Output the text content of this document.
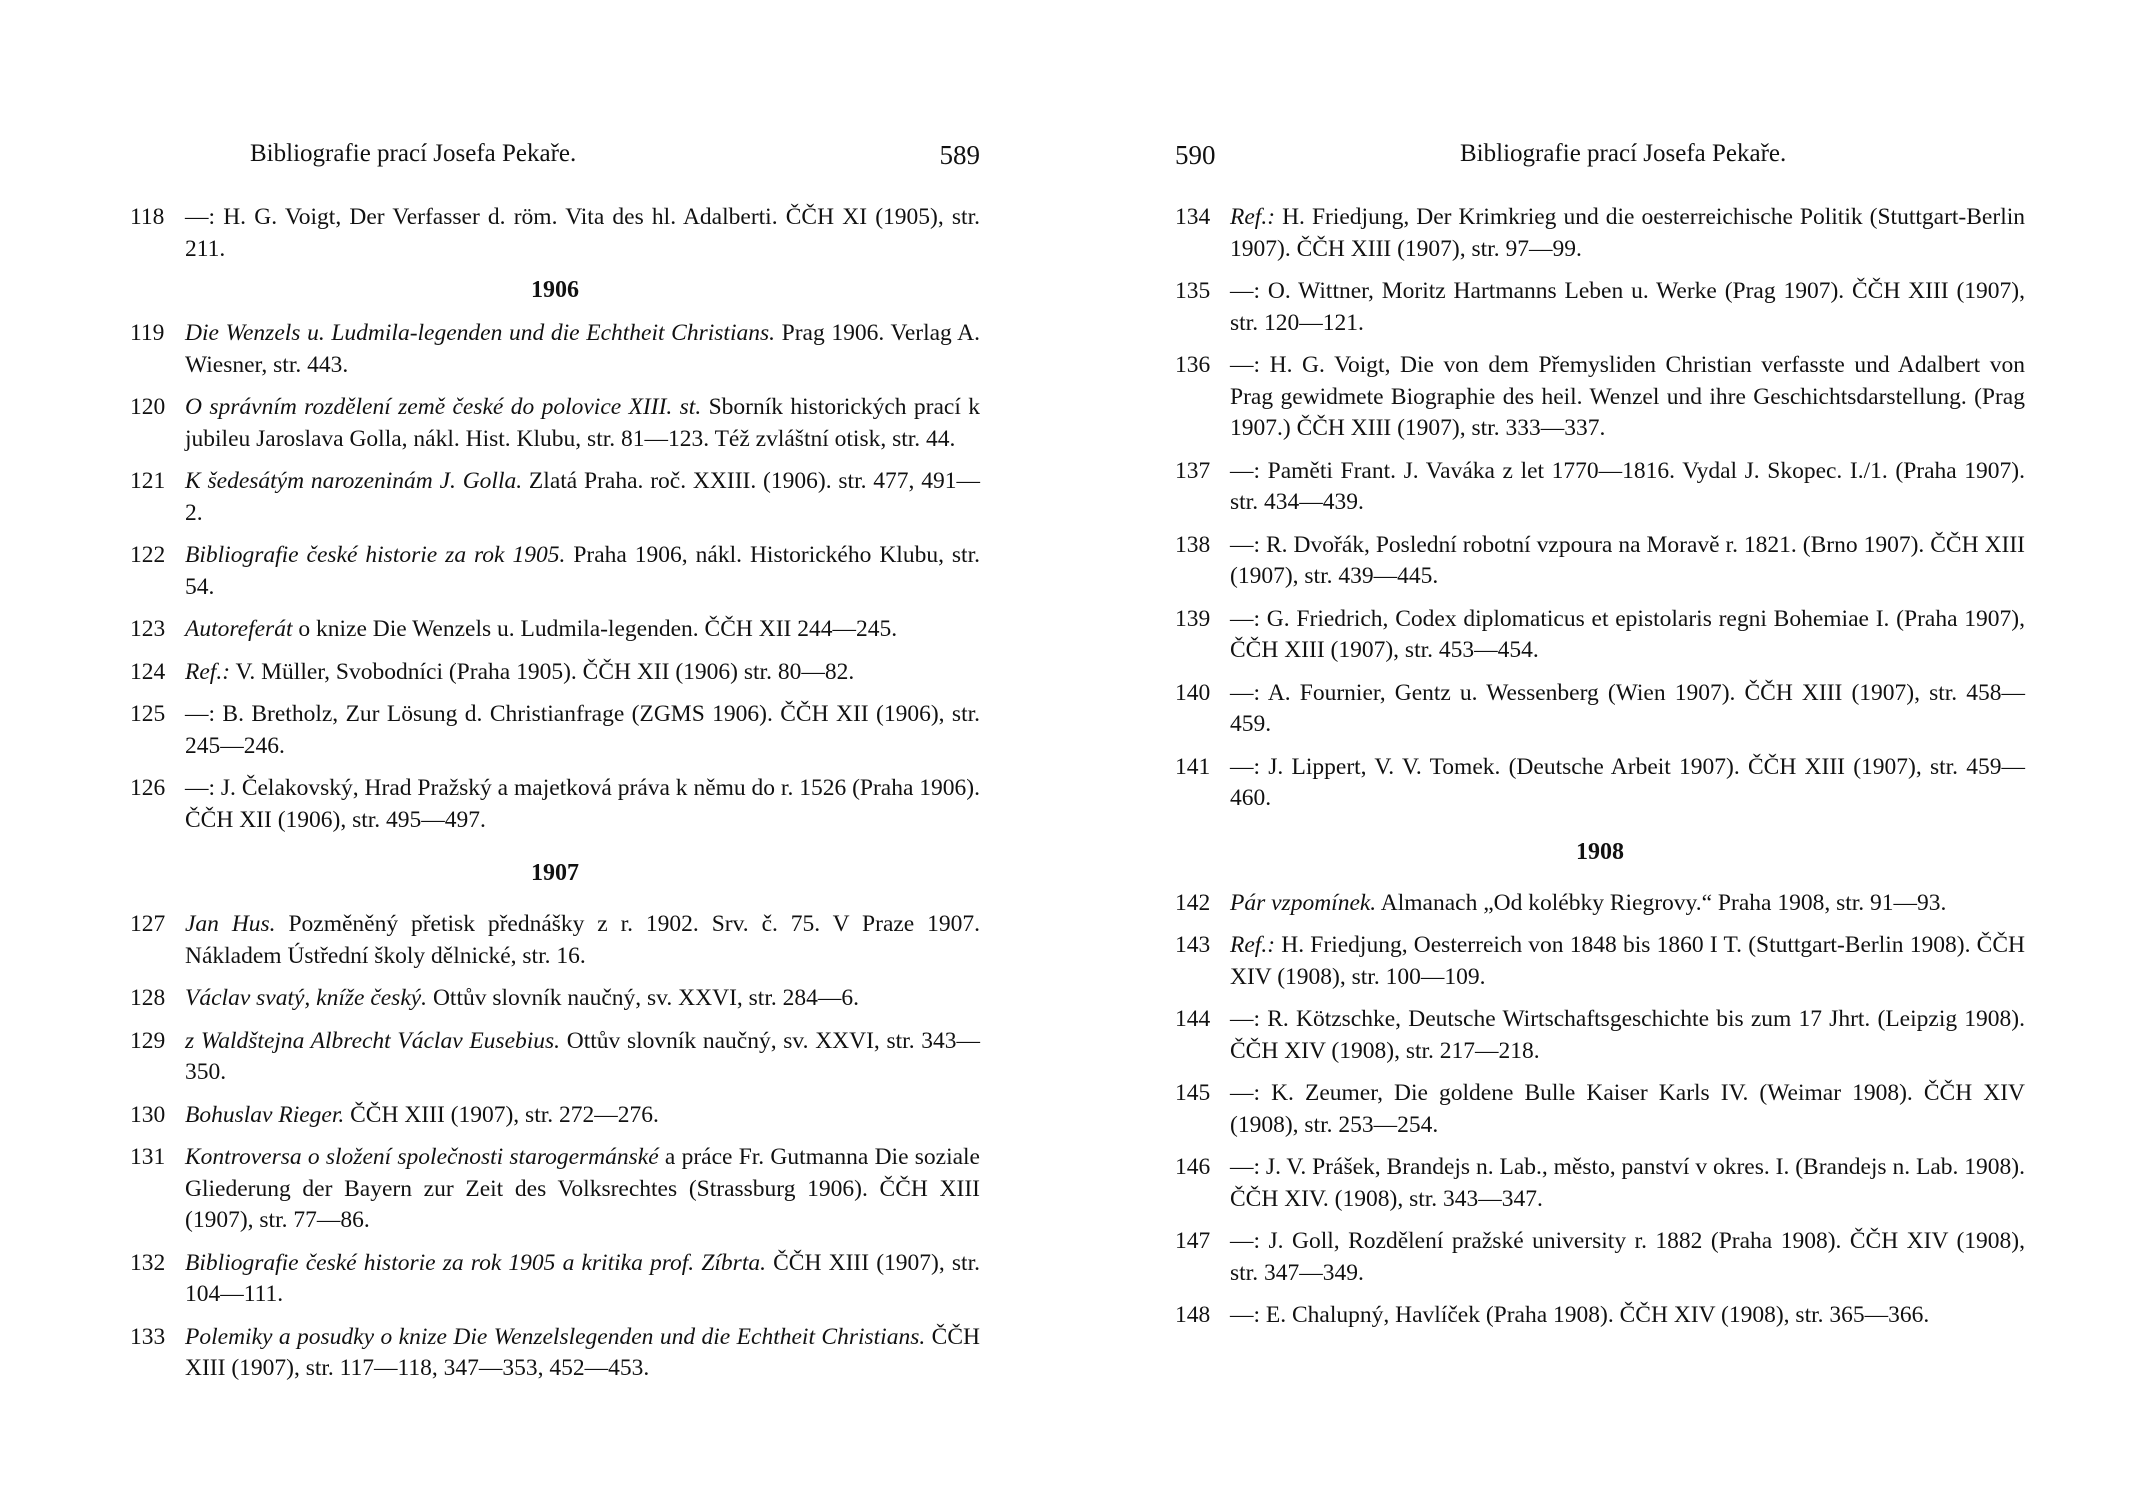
Bibliografie prací Josefa Pekaře.	589
118 —: H. G. Voigt, Der Verfasser d. röm. Vita des hl. Adalberti. ČČH XI (1905), str. 211.
1906
119 Die Wenzels u. Ludmila-legenden und die Echtheit Christians. Prag 1906. Verlag A. Wiesner, str. 443.
120 O správním rozdělení země české do polovice XIII. st. Sborník historických prací k jubileu Jaroslava Golla, nákl. Hist. Klubu, str. 81—123. Též zvláštní otisk, str. 44.
121 K šedesátým narozeninám J. Golla. Zlatá Praha. roč. XXIII. (1906). str. 477, 491—2.
122 Bibliografie české historie za rok 1905. Praha 1906, nákl. Historického Klubu, str. 54.
123 Autoreferát o knize Die Wenzels u. Ludmila-legenden. ČČH XII 244—245.
124 Ref.: V. Müller, Svobodníci (Praha 1905). ČČH XII (1906) str. 80—82.
125 —: B. Bretholz, Zur Lösung d. Christianfrage (ZGMS 1906). ČČH XII (1906), str. 245—246.
126 —: J. Čelakovský, Hrad Pražský a majetková práva k němu do r. 1526 (Praha 1906). ČČH XII (1906), str. 495—497.
1907
127 Jan Hus. Pozměněný přetisk přednášky z r. 1902. Srv. č. 75. V Praze 1907. Nákladem Ústřední školy dělnické, str. 16.
128 Václav svatý, kníže český. Ottův slovník naučný, sv. XXVI, str. 284—6.
129 z Waldštejna Albrecht Václav Eusebius. Ottův slovník naučný, sv. XXVI, str. 343—350.
130 Bohuslav Rieger. ČČH XIII (1907), str. 272—276.
131 Kontroversa o složení společnosti starogermánské a práce Fr. Gutmanna Die soziale Gliederung der Bayern zur Zeit des Volksrechtes (Strassburg 1906). ČČH XIII (1907), str. 77—86.
132 Bibliografie české historie za rok 1905 a kritika prof. Zíbrta. ČČH XIII (1907), str. 104—111.
133 Polemiky a posudky o knize Die Wenzelslegenden und die Echtheit Christians. ČČH XIII (1907), str. 117—118, 347—353, 452—453.
590	Bibliografie prací Josefa Pekaře.
134 Ref.: H. Friedjung, Der Krimkrieg und die oesterreichische Politik (Stuttgart-Berlin 1907). ČČH XIII (1907), str. 97—99.
135 —: O. Wittner, Moritz Hartmanns Leben u. Werke (Prag 1907). ČČH XIII (1907), str. 120—121.
136 —: H. G. Voigt, Die von dem Přemysliden Christian verfasste und Adalbert von Prag gewidmete Biographie des heil. Wenzel und ihre Geschichtsdarstellung. (Prag 1907.) ČČH XIII (1907), str. 333—337.
137 —: Paměti Frant. J. Vaváka z let 1770—1816. Vydal J. Skopec. I./1. (Praha 1907). str. 434—439.
138 —: R. Dvořák, Poslední robotní vzpoura na Moravě r. 1821. (Brno 1907). ČČH XIII (1907), str. 439—445.
139 —: G. Friedrich, Codex diplomaticus et epistolaris regni Bohemiae I. (Praha 1907), ČČH XIII (1907), str. 453—454.
140 —: A. Fournier, Gentz u. Wessenberg (Wien 1907). ČČH XIII (1907), str. 458—459.
141 —: J. Lippert, V. V. Tomek. (Deutsche Arbeit 1907). ČČH XIII (1907), str. 459—460.
1908
142 Pár vzpomínek. Almanach „Od kolébky Riegrovy.“ Praha 1908, str. 91—93.
143 Ref.: H. Friedjung, Oesterreich von 1848 bis 1860 I T. (Stuttgart-Berlin 1908). ČČH XIV (1908), str. 100—109.
144 —: R. Kötzschke, Deutsche Wirtschaftsgeschichte bis zum 17 Jhrt. (Leipzig 1908). ČČH XIV (1908), str. 217—218.
145 —: K. Zeumer, Die goldene Bulle Kaiser Karls IV. (Weimar 1908). ČČH XIV (1908), str. 253—254.
146 —: J. V. Prášek, Brandejs n. Lab., město, panství v okres. I. (Brandejs n. Lab. 1908). ČČH XIV. (1908), str. 343—347.
147 —: J. Goll, Rozdělení pražské university r. 1882 (Praha 1908). ČČH XIV (1908), str. 347—349.
148 —: E. Chalupný, Havlíček (Praha 1908). ČČH XIV (1908), str. 365—366.
